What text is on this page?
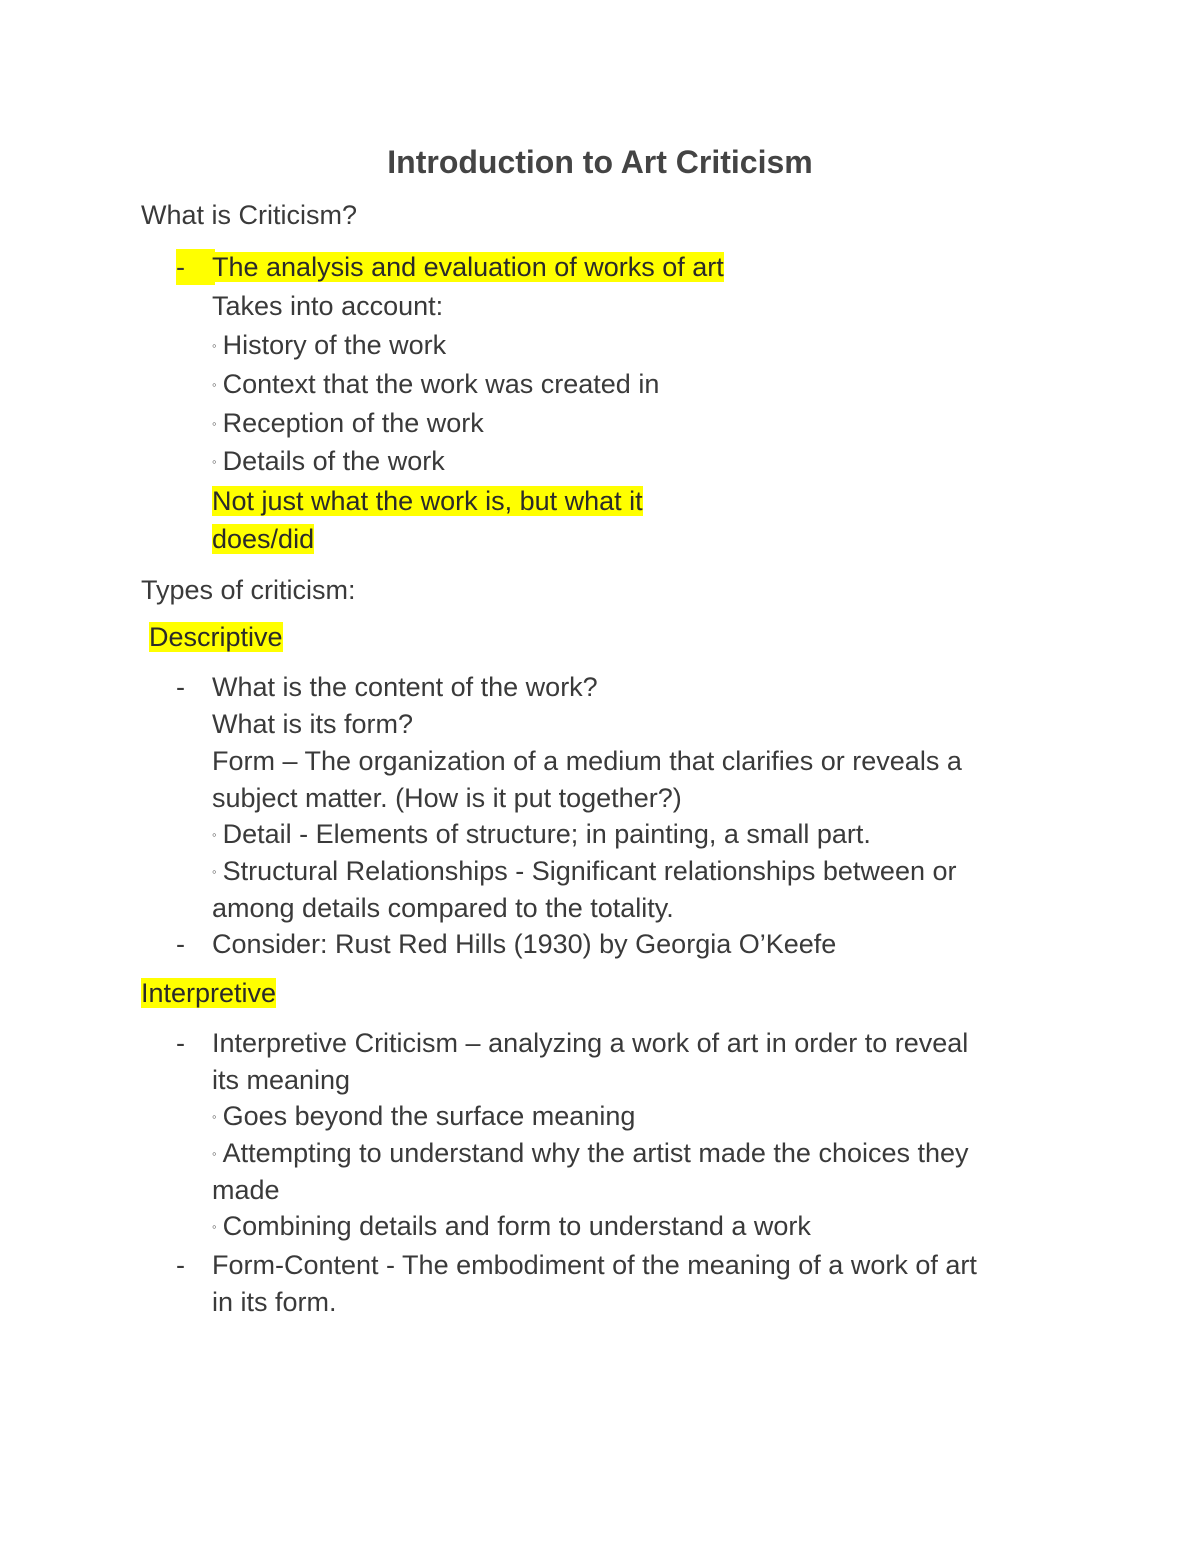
Introduction to Art Criticism
What is Criticism?
-	The analysis and evaluation of works of art
Takes into account:
◦ History of the work
◦ Context that the work was created in
◦ Reception of the work
◦ Details of the work
Not just what the work is, but what it
does/did
Types of criticism:
Descriptive
- What is the content of the work?
What is its form?
Form – The organization of a medium that clarifies or reveals a
subject matter. (How is it put together?)
◦ Detail - Elements of structure; in painting, a small part.
◦ Structural Relationships - Significant relationships between or
among details compared to the totality.
- Consider: Rust Red Hills (1930) by Georgia O’Keefe
Interpretive
- Interpretive Criticism – analyzing a work of art in order to reveal
its meaning
◦ Goes beyond the surface meaning
◦ Attempting to understand why the artist made the choices they
made
◦ Combining details and form to understand a work
- Form-Content - The embodiment of the meaning of a work of art
in its form.
